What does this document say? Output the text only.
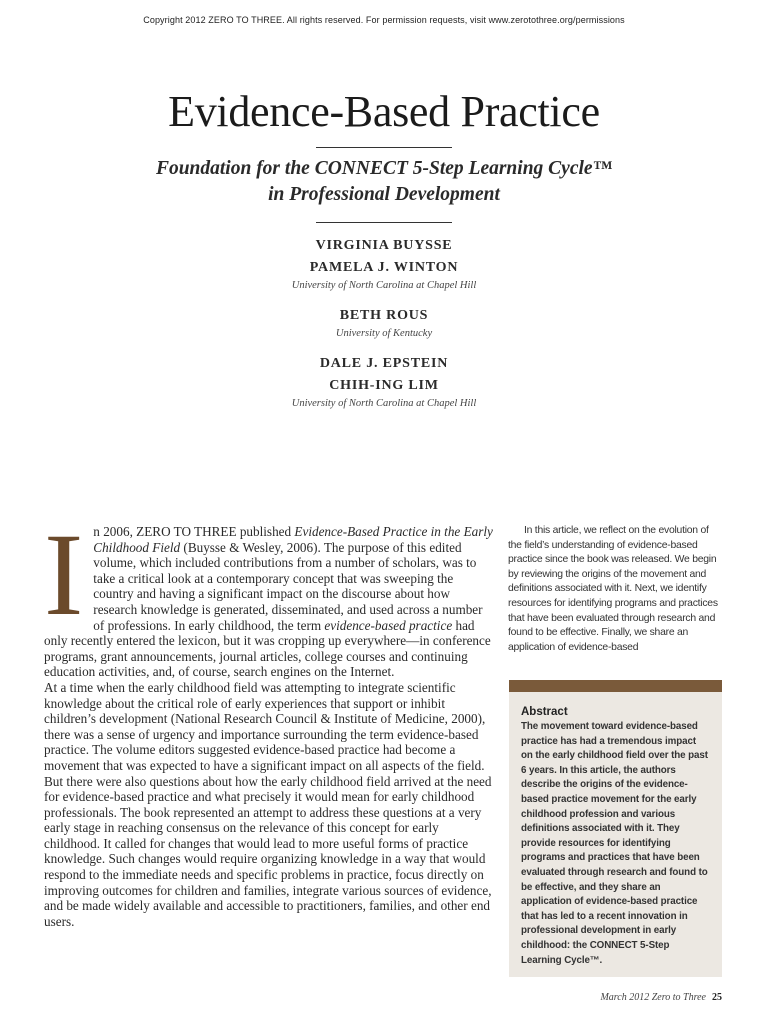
Copyright 2012 ZERO TO THREE. All rights reserved. For permission requests, visit www.zerotothree.org/permissions
Evidence-Based Practice
Foundation for the CONNECT 5-Step Learning Cycle™
in Professional Development
VIRGINIA BUYSSE
PAMELA J. WINTON
University of North Carolina at Chapel Hill
BETH ROUS
University of Kentucky
DALE J. EPSTEIN
CHIH-ING LIM
University of North Carolina at Chapel Hill
I n 2006, ZERO TO THREE published Evidence-Based Practice in the Early Childhood Field (Buysse & Wesley, 2006). The purpose of this edited volume, which included contributions from a number of scholars, was to take a critical look at a contemporary concept that was sweeping the country and having a significant impact on the discourse about how research knowledge is generated, disseminated, and used across a number of professions. In early childhood, the term evidence-based practice had only recently entered the lexicon, but it was cropping up everywhere—in conference programs, grant announcements, journal articles, college courses and continuing education activities, and, of course, search engines on the Internet.

At a time when the early childhood field was attempting to integrate scientific knowledge about the critical role of early experiences that support or inhibit children’s development (National Research Council & Institute of Medicine, 2000), there was a sense of urgency and importance surrounding the term evidence-based practice. The volume editors suggested evidence-based practice had become a movement that was expected to have a significant impact on all aspects of the field. But there were also questions about how the early childhood field arrived at the need for evidence-based practice and what precisely it would mean for early childhood professionals. The book represented an attempt to address these questions at a very early stage in reaching consensus on the relevance of this concept for early childhood. It called for changes that would lead to more useful forms of practice knowledge. Such changes would require organizing knowledge in a way that would respond to the immediate needs and specific problems in practice, focus directly on improving outcomes for children and families, integrate various sources of evidence, and be made widely available and accessible to practitioners, families, and other end users.

In this article, we reflect on the evolution of the field’s understanding of evidence-based practice since the book was released. We begin by reviewing the origins of the movement and definitions associated with it. Next, we identify resources for identifying programs and practices that have been evaluated through research and found to be effective. Finally, we share an application of evidence-based

Abstract

The movement toward evidence-based practice has had a tremendous impact on the early childhood field over the past 6 years. In this article, the authors describe the origins of the evidence-based practice movement for the early childhood profession and various definitions associated with it. They provide resources for identifying programs and practices that have been evaluated through research and found to be effective, and they share an application of evidence-based practice that has led to a recent innovation in professional development in early childhood: the CONNECT 5-Step Learning Cycle™.

March 2012 Zero to Three 25
